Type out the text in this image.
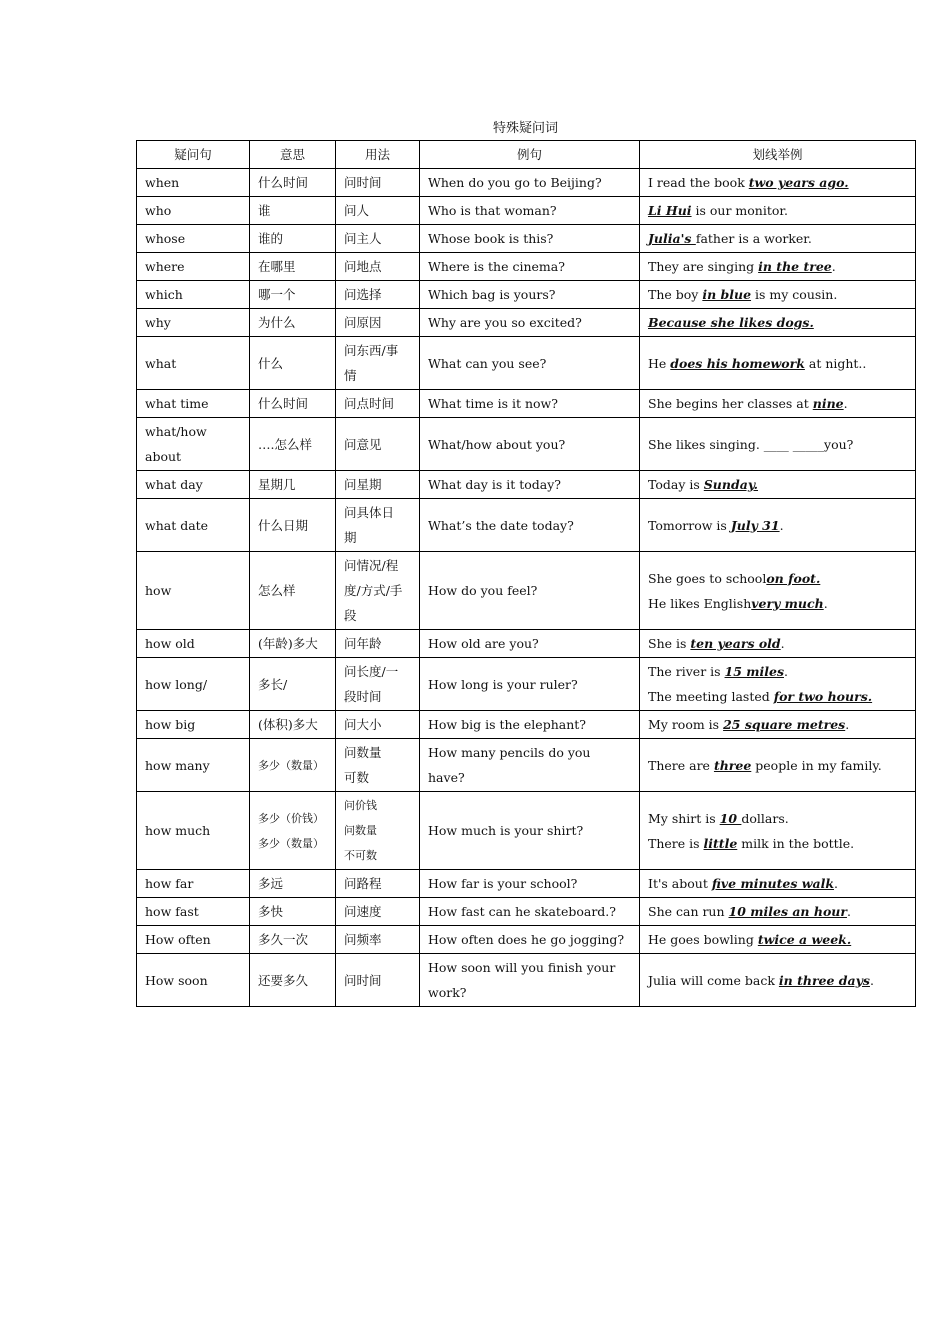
特殊疑问词
疑问句	意思	用法	例句	划线举例
when	什么时间	问时间	When do you go to Beijing?	I read the book two years ago.

who	谁	问人	Who is that woman?	Li Hui is our monitor.

whose	谁的	问主人	Whose book is this?	Julia's father is a worker.

where	在哪里	问地点	Where is the cinema?	They are singing in the tree.

which	哪一个	问选择	Which bag is yours?	The boy in blue is my cousin.

why	为什么	问原因	Why are you so excited?	Because she likes dogs.

what	什么	问东西/事
情	What can you see?	He does his homework at night..

what time	什么时间	问点时间	What time is it now?	She begins her classes at nine.

what/how about	….怎么样	问意见	What/how about you?	She likes singing. ____ _____you?

what day	星期几	问星期	What day is it today?	Today is Sunday.

what date	什么日期	问具体日
期	What’s the date today?	Tomorrow is July 31.

how	怎么样	问情况/程
度/方式/手
段	How do you feel?	She goes to schoolon foot.
He likes Englishvery much.

how old	(年龄)多大	问年龄	How old are you?	She is ten years old.

how long/	多长/	问长度/一
段时间	How long is your ruler?	The river is 15 miles.
The meeting lasted for two hours.

how big	(体积)多大	问大小	How big is the elephant?	My room is 25 square metres.

how many	多少（数量）	问数量
可数	How many pencils do you have?	There are three people in my family.

how much	多少（价钱）
多少（数量）	问价钱
问数量
不可数	How much is your shirt?	My shirt is 10 dollars.
There is little milk in the bottle.

how far	多远	问路程	How far is your school?	It's about five minutes walk.

how fast	多快	问速度	How fast can he skateboard.?	She can run 10 miles an hour.

How often	多久一次	问频率	How often does he go jogging?	He goes bowling twice a week.

How soon	还要多久	问时间	How soon will you finish your work?	Julia will come back in three days.
